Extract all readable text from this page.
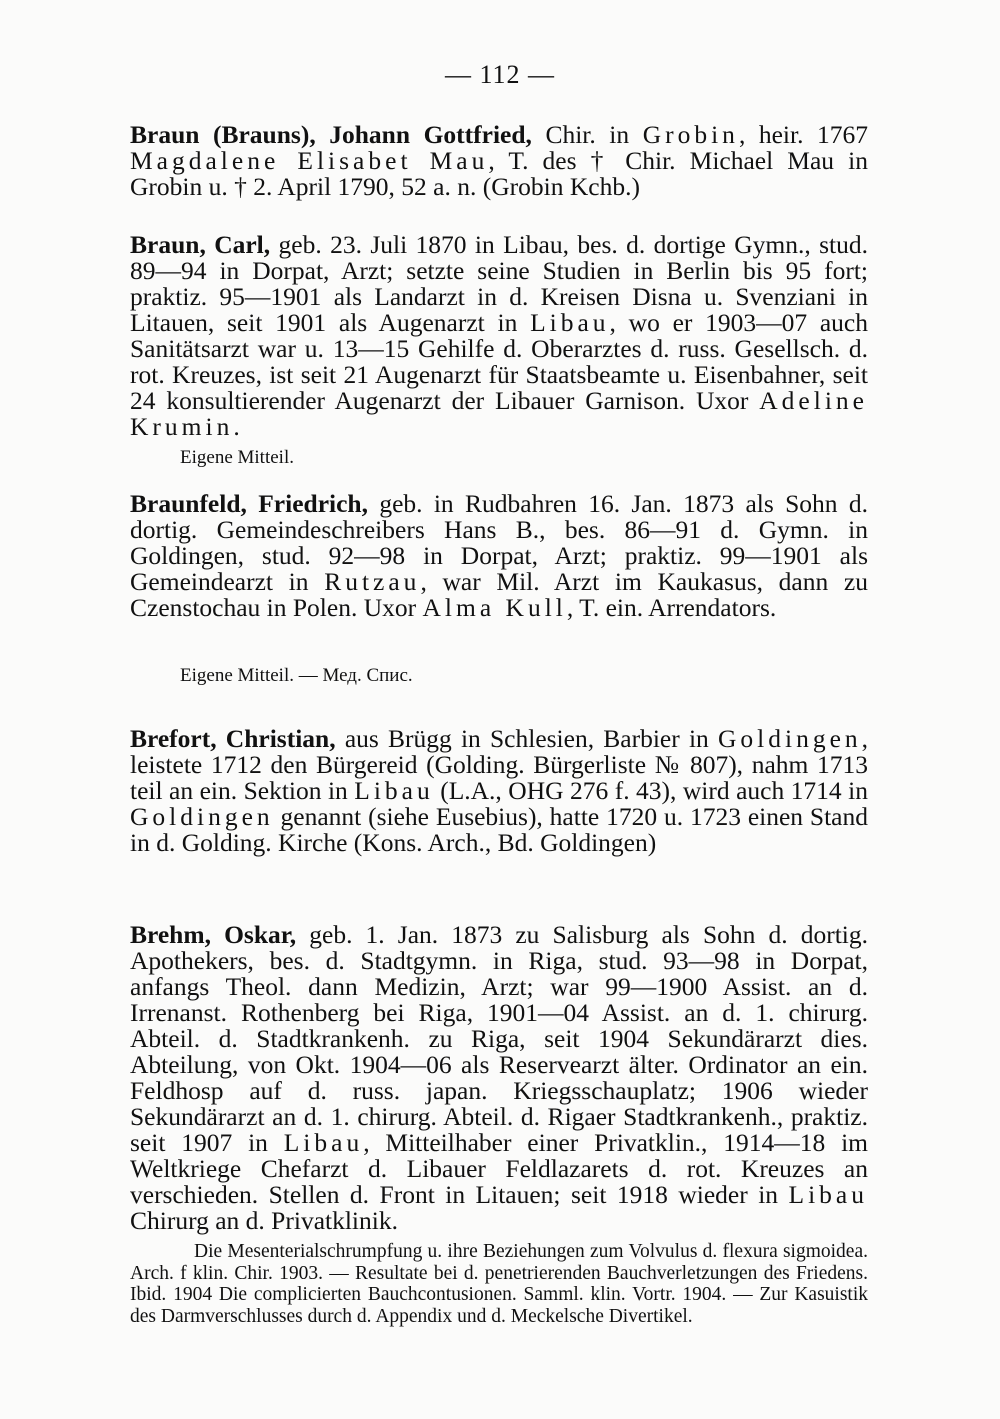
— 112 —
Braun (Brauns), Johann Gottfried, Chir. in Grobin, heir. 1767 Magdalene Elisabet Mau, T. des † Chir. Michael Mau in Grobin u. † 2. April 1790, 52 a. n. (Grobin Kchb.)
Braun, Carl, geb. 23. Juli 1870 in Libau, bes. d. dortige Gymn., stud. 89—94 in Dorpat, Arzt; setzte seine Studien in Berlin bis 95 fort; praktiz. 95—1901 als Landarzt in d. Kreisen Disna u. Svenziani in Litauen, seit 1901 als Augenarzt in Libau, wo er 1903—07 auch Sanitätsarzt war u. 13—15 Gehilfe d. Oberarztes d. russ. Gesellsch. d. rot. Kreuzes, ist seit 21 Augenarzt für Staatsbeamte u. Eisenbahner, seit 24 konsultierender Augenarzt der Libauer Garnison. Uxor Adeline Krumin.
Eigene Mitteil.
Braunfeld, Friedrich, geb. in Rudbahren 16. Jan. 1873 als Sohn d. dortig. Gemeindeschreibers Hans B., bes. 86—91 d. Gymn. in Goldingen, stud. 92—98 in Dorpat, Arzt; praktiz. 99—1901 als Gemeindearzt in Rutzau, war Mil. Arzt im Kaukasus, dann zu Czenstochau in Polen. Uxor Alma Kull, T. ein. Arrendators.
Eigene Mitteil. — Мед. Спис.
Brefort, Christian, aus Brügg in Schlesien, Barbier in Goldingen, leistete 1712 den Bürgereid (Golding. Bürgerliste № 807), nahm 1713 teil an ein. Sektion in Libau (L.A., OHG 276 f. 43), wird auch 1714 in Goldingen genannt (siehe Eusebius), hatte 1720 u. 1723 einen Stand in d. Golding. Kirche (Kons. Arch., Bd. Goldingen)
Brehm, Oskar, geb. 1. Jan. 1873 zu Salisburg als Sohn d. dortig. Apothekers, bes. d. Stadtgymn. in Riga, stud. 93—98 in Dorpat, anfangs Theol. dann Medizin, Arzt; war 99—1900 Assist. an d. Irrenanst. Rothenberg bei Riga, 1901—04 Assist. an d. 1. chirurg. Abteil. d. Stadtkrankenh. zu Riga, seit 1904 Sekundärarzt dies. Abteilung, von Okt. 1904—06 als Reservearzt älter. Ordinator an ein. Feldhosp auf d. russ. japan. Kriegsschauplatz; 1906 wieder Sekundärarzt an d. 1. chirurg. Abteil. d. Rigaer Stadtkrankenh., praktiz. seit 1907 in Libau, Mitteilhaber einer Privatklin., 1914—18 im Weltkriege Chefarzt d. Libauer Feldlazarets d. rot. Kreuzes an verschieden. Stellen d. Front in Litauen; seit 1918 wieder in Libau Chirurg an d. Privatklinik.
Die Mesenterialschrumpfung u. ihre Beziehungen zum Volvulus d. flexura sigmoidea. Arch. f klin. Chir. 1903. — Resultate bei d. penetrierenden Bauchverletzungen des Friedens. Ibid. 1904 Die complicierten Bauchcontusionen. Samml. klin. Vortr. 1904. — Zur Kasuistik des Darmverschlusses durch d. Appendix und d. Meckelsche Divertikel.
